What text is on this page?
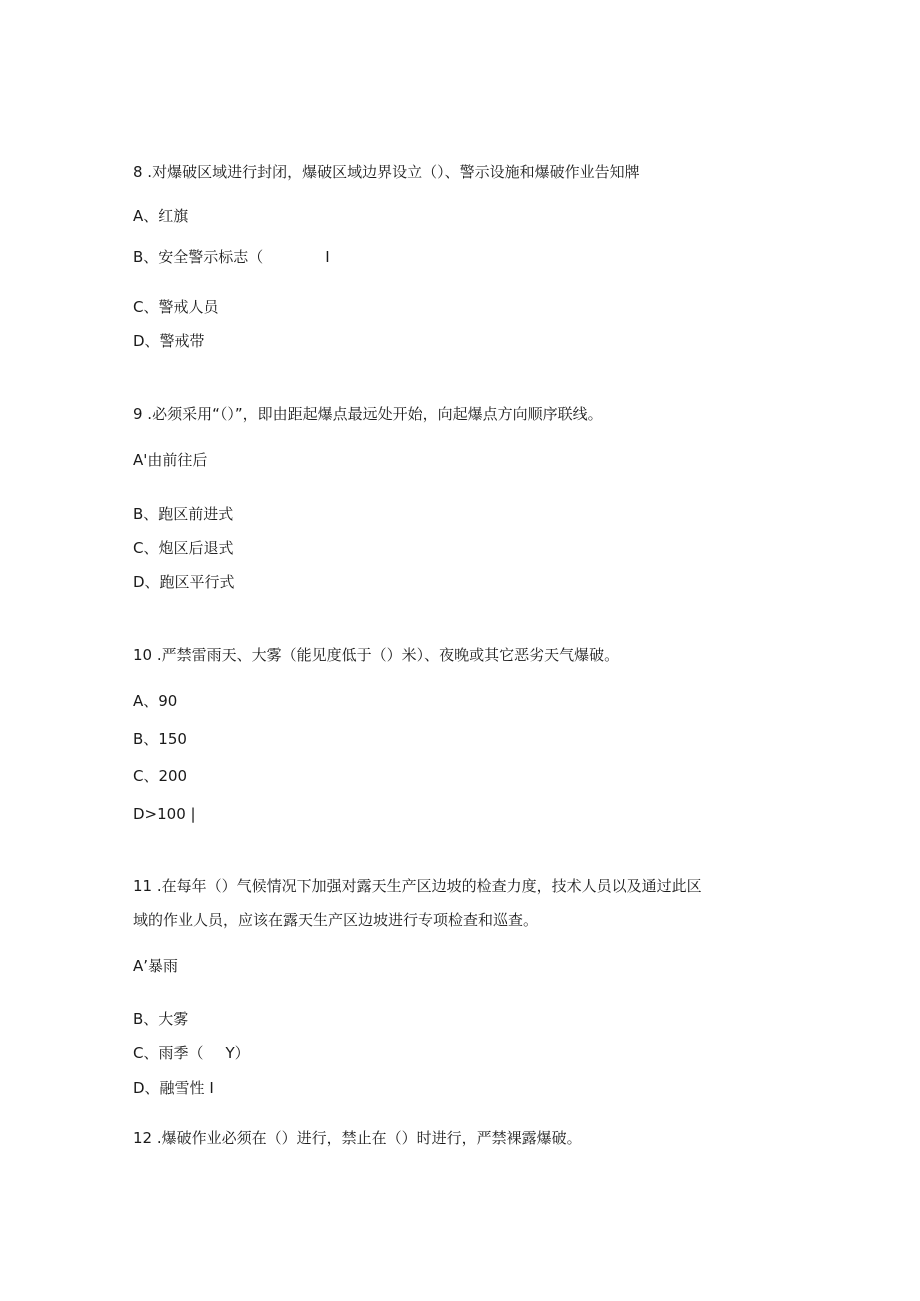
8 .对爆破区域进行封闭，爆破区域边界设立（）、警示设施和爆破作业告知牌
A、红旗
B、安全警示标志（	I
C、警戒人员
D、警戒带
9 .必须采用“（）”，即由距起爆点最远处开始，向起爆点方向顺序联线。
A'由前往后
B、跑区前进式
C、炮区后退式
D、跑区平行式
10 .严禁雷雨天、大雾（能见度低于（）米）、夜晚或其它恶劣天气爆破。
A、90
B、150
C、200
D>100 |
11 .在每年（）气候情况下加强对露天生产区边坡的检查力度，技术人员以及通过此区
域的作业人员，应该在露天生产区边坡进行专项检查和巡查。
A’暴雨
B、大雾
C、雨季（ Y）
D、融雪性 I
12 .爆破作业必须在（）进行，禁止在（）时进行，严禁裸露爆破。
